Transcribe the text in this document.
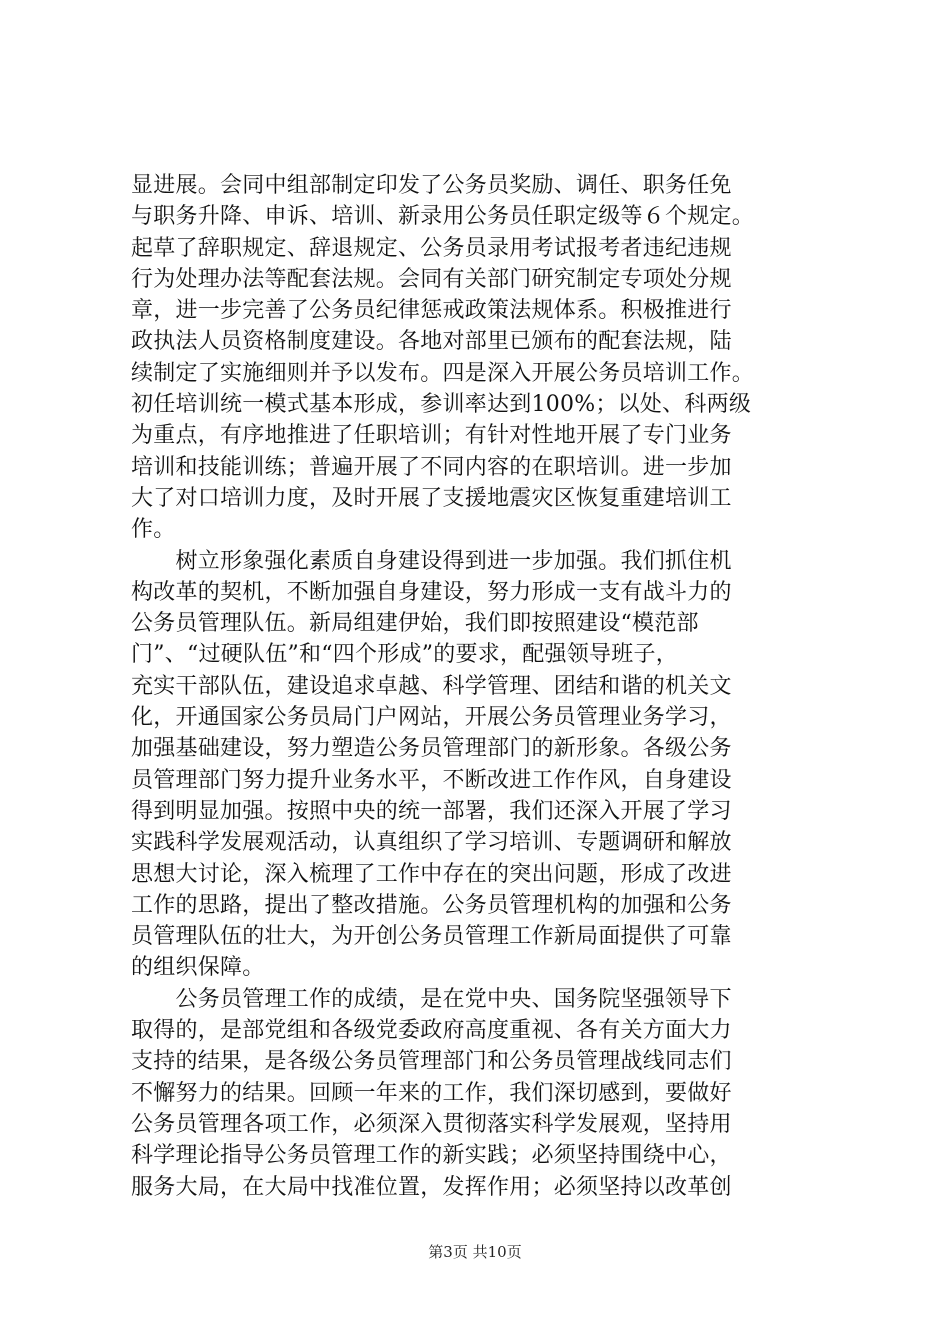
显进展。会同中组部制定印发了公务员奖励、调任、职务任免
与职务升降、申诉、培训、新录用公务员任职定级等６个规定。
起草了辞职规定、辞退规定、公务员录用考试报考者违纪违规
行为处理办法等配套法规。会同有关部门研究制定专项处分规
章，进一步完善了公务员纪律惩戒政策法规体系。积极推进行
政执法人员资格制度建设。各地对部里已颁布的配套法规，陆
续制定了实施细则并予以发布。四是深入开展公务员培训工作。
初任培训统一模式基本形成，参训率达到100%；以处、科两级
为重点，有序地推进了任职培训；有针对性地开展了专门业务
培训和技能训练；普遍开展了不同内容的在职培训。进一步加
大了对口培训力度，及时开展了支援地震灾区恢复重建培训工
作。
　　树立形象强化素质自身建设得到进一步加强。我们抓住机
构改革的契机，不断加强自身建设，努力形成一支有战斗力的
公务员管理队伍。新局组建伊始，我们即按照建设“模范部
门”、“过硬队伍”和“四个形成”的要求，配强领导班子，
充实干部队伍，建设追求卓越、科学管理、团结和谐的机关文
化，开通国家公务员局门户网站，开展公务员管理业务学习，
加强基础建设，努力塑造公务员管理部门的新形象。各级公务
员管理部门努力提升业务水平，不断改进工作作风，自身建设
得到明显加强。按照中央的统一部署，我们还深入开展了学习
实践科学发展观活动，认真组织了学习培训、专题调研和解放
思想大讨论，深入梳理了工作中存在的突出问题，形成了改进
工作的思路，提出了整改措施。公务员管理机构的加强和公务
员管理队伍的壮大，为开创公务员管理工作新局面提供了可靠
的组织保障。
　　公务员管理工作的成绩，是在党中央、国务院坚强领导下
取得的，是部党组和各级党委政府高度重视、各有关方面大力
支持的结果，是各级公务员管理部门和公务员管理战线同志们
不懈努力的结果。回顾一年来的工作，我们深切感到，要做好
公务员管理各项工作，必须深入贯彻落实科学发展观，坚持用
科学理论指导公务员管理工作的新实践；必须坚持围绕中心，
服务大局，在大局中找准位置，发挥作用；必须坚持以改革创
第3页 共10页
